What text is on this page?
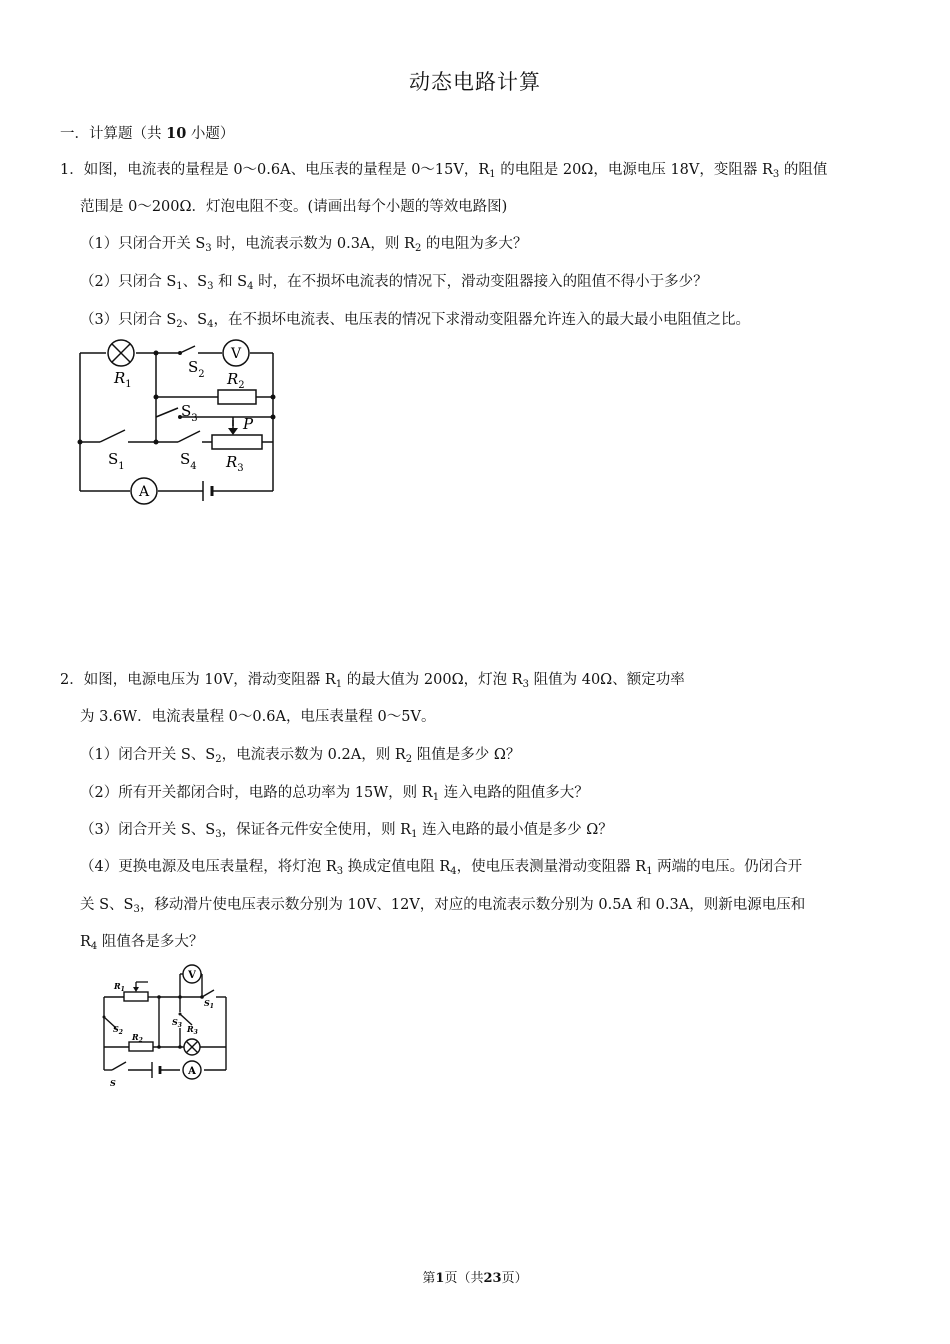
动态电路计算
一．计算题（共 10 小题）
1．如图，电流表的量程是 0～0.6A、电压表的量程是 0～15V，$R_1$ 的电阻是 20Ω，电源电压 18V，变阻器 $R_3$ 的阻值
范围是 0～200Ω．灯泡电阻不变。(请画出每个小题的等效电路图)
（1）只闭合开关 $S_3$ 时，电流表示数为 0.3A，则 $R_2$ 的电阻为多大？
（2）只闭合 $S_1$、$S_3$ 和 $S_4$ 时，在不损坏电流表的情况下，滑动变阻器接入的阻值不得小于多少？
（3）只闭合 $S_2$、$S_4$，在不损坏电流表、电压表的情况下求滑动变阻器允许连入的最大最小电阻值之比。
V
A
$R_1$	$R_2$
P
$R_3$
$S_2$
$S_3$
$S_1$	$S_4$
2．如图，电源电压为 10V，滑动变阻器 $R_1$ 的最大值为 200Ω，灯泡 $R_3$ 阻值为 40Ω、额定功率
为 3.6W．电流表量程 0～0.6A，电压表量程 0～5V。
（1）闭合开关 S、$S_2$，电流表示数为 0.2A，则 $R_2$ 阻值是多少 Ω？
（2）所有开关都闭合时，电路的总功率为 15W，则 $R_1$ 连入电路的阻值多大？
（3）闭合开关 S、$S_3$，保证各元件安全使用，则 $R_1$ 连入电路的最小值是多少 Ω？
（4）更换电源及电压表量程，将灯泡 $R_3$ 换成定值电阻 $R_4$，使电压表测量滑动变阻器 $R_1$ 两端的电压。仍闭合开
关 S、$S_3$，移动滑片使电压表示数分别为 10V、12V，对应的电流表示数分别为 0.5A 和 0.3A，则新电源电压和
$R_4$ 阻值各是多大？
V
A
$R_1$
$S_1$
$S_2$
$S_3$ $R_3$
$R_2$
S
第1页（共23页）
